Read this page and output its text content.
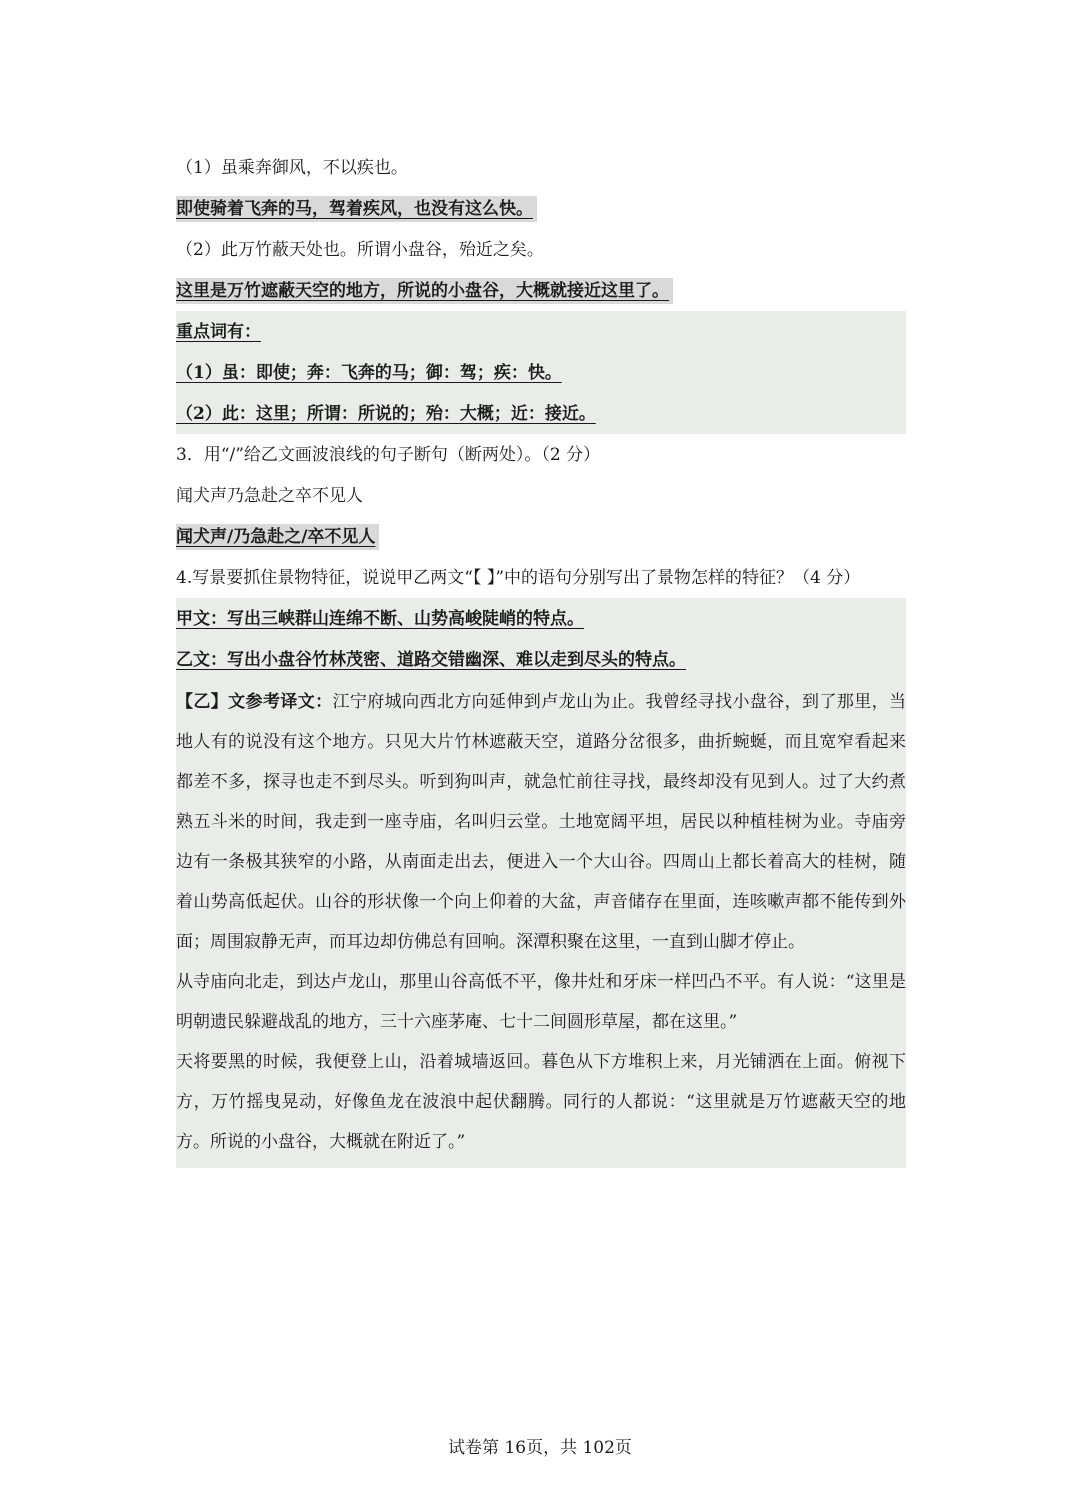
（1）虽乘奔御风，不以疾也。
即使骑着飞奔的马，驾着疾风，也没有这么快。
（2）此万竹蔽天处也。所谓小盘谷，殆近之矣。
这里是万竹遮蔽天空的地方，所说的小盘谷，大概就接近这里了。
重点词有：
（1）虽：即使；奔：飞奔的马；御：驾；疾：快。
（2）此：这里；所谓：所说的；殆：大概；近：接近。
3．用“/”给乙文画波浪线的句子断句（断两处）。（2 分）
闻犬声乃急赴之卒不见人
闻犬声/乃急赴之/卒不见人
4.写景要抓住景物特征，说说甲乙两文“【 】”中的语句分别写出了景物怎样的特征？（4 分）
甲文：写出三峡群山连绵不断、山势高峻陡峭的特点。
乙文：写出小盘谷竹林茂密、道路交错幽深、难以走到尽头的特点。

【乙】文参考译文：江宁府城向西北方向延伸到卢龙山为止。我曾经寻找小盘谷，到了那里，当地人有的说没有这个地方。只见大片竹林遮蔽天空，道路分岔很多，曲折蜿蜒，而且宽窄看起来都差不多，探寻也走不到尽头。听到狗叫声，就急忙前往寻找，最终却没有见到人。过了大约煮熟五斗米的时间，我走到一座寺庙，名叫归云堂。土地宽阔平坦，居民以种植桂树为业。寺庙旁边有一条极其狭窄的小路，从南面走出去，便进入一个大山谷。四周山上都长着高大的桂树，随着山势高低起伏。山谷的形状像一个向上仰着的大盆，声音储存在里面，连咳嗽声都不能传到外面；周围寂静无声，而耳边却仿佛总有回响。深潭积聚在这里，一直到山脚才停止。

从寺庙向北走，到达卢龙山，那里山谷高低不平，像井灶和牙床一样凹凸不平。有人说：“这里是明朝遗民躲避战乱的地方，三十六座茅庵、七十二间圆形草屋，都在这里。”

天将要黑的时候，我便登上山，沿着城墙返回。暮色从下方堆积上来，月光铺洒在上面。俯视下方，万竹摇曳晃动，好像鱼龙在波浪中起伏翻腾。同行的人都说：“这里就是万竹遮蔽天空的地方。所说的小盘谷，大概就在附近了。”

试卷第 16页，共 102页
